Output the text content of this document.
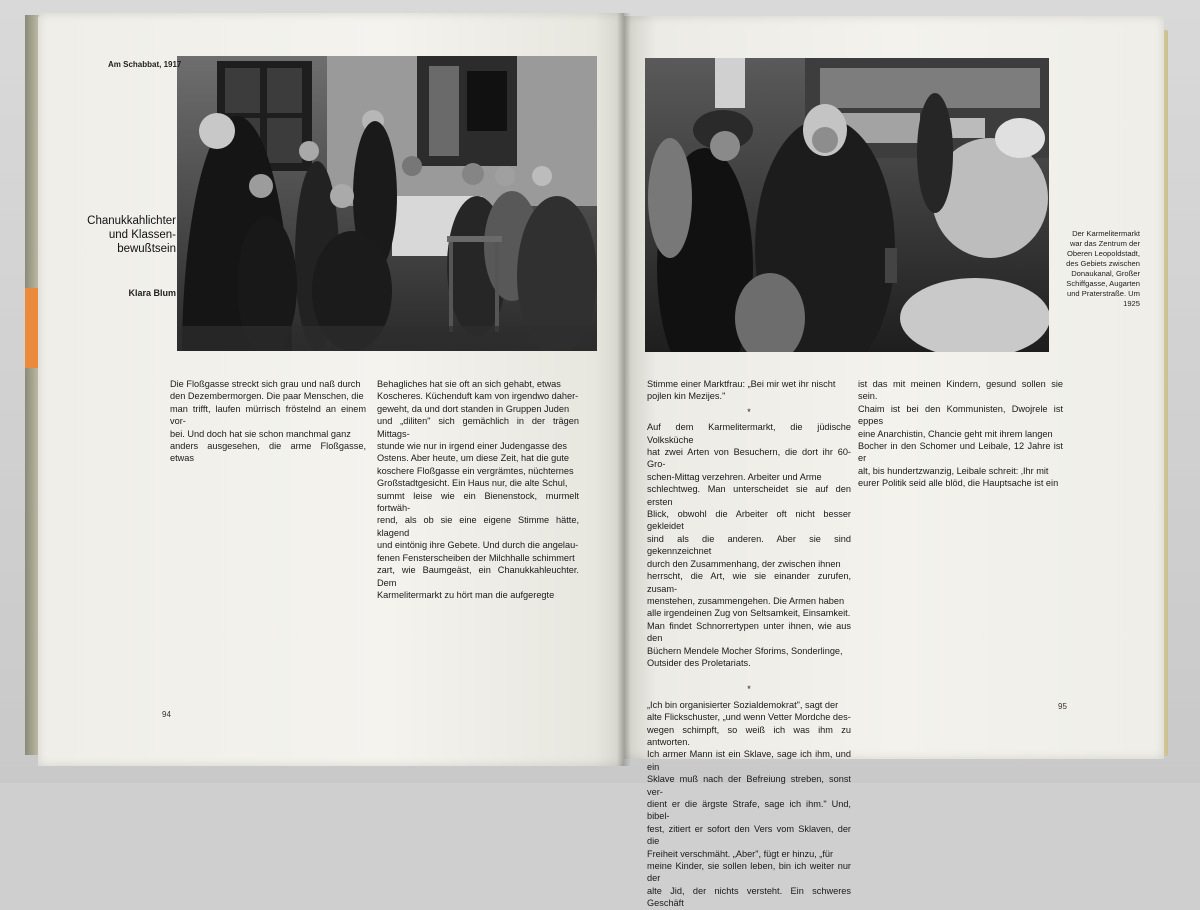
Am Schabbat, 1917
Chanukkahlichter
und Klassen-
bewußtsein
Klara Blum

Die Floßgasse streckt sich grau und naß durch

den Dezembermorgen. Die paar Menschen, die

man trifft, laufen mürrisch fröstelnd an einem vor-

bei. Und doch hat sie schon manchmal ganz

anders ausgesehen, die arme Floßgasse, etwas

Behagliches hat sie oft an sich gehabt, etwas

Koscheres. Küchenduft kam von irgendwo daher-

geweht, da und dort standen in Gruppen Juden

und „diliten" sich gemächlich in der trägen Mittags-

stunde wie nur in irgend einer Judengasse des

Ostens. Aber heute, um diese Zeit, hat die gute

koschere Floßgasse ein vergrämtes, nüchternes

Großstadtgesicht. Ein Haus nur, die alte Schul,

summt leise wie ein Bienenstock, murmelt fortwäh-

rend, als ob sie eine eigene Stimme hätte, klagend

und eintönig ihre Gebete. Und durch die angelau-

fenen Fensterscheiben der Milchhalle schimmert

zart, wie Baumgeäst, ein Chanukkahleuchter. Dem

Karmelitermarkt zu hört man die aufgeregte

94
Der Karmelitermarkt
war das Zentrum der
Oberen Leopoldstadt,
des Gebiets zwischen
Donaukanal, Großer
Schiffgasse, Augarten
und Praterstraße. Um
1925

Stimme einer Marktfrau: „Bei mir wet ihr nischt

pojlen kin Mezijes."

*

Auf dem Karmelitermarkt, die jüdische Volksküche

hat zwei Arten von Besuchern, die dort ihr 60-Gro-

schen-Mittag verzehren. Arbeiter und Arme

schlechtweg. Man unterscheidet sie auf den ersten

Blick, obwohl die Arbeiter oft nicht besser gekleidet

sind als die anderen. Aber sie sind gekennzeichnet

durch den Zusammenhang, der zwischen ihnen

herrscht, die Art, wie sie einander zurufen, zusam-

menstehen, zusammengehen. Die Armen haben

alle irgendeinen Zug von Seltsamkeit, Einsamkeit.

Man findet Schnorrertypen unter ihnen, wie aus den

Büchern Mendele Mocher Sforims, Sonderlinge,

Outsider des Proletariats.

*

„Ich bin organisierter Sozialdemokrat", sagt der

alte Flickschuster, „und wenn Vetter Mordche des-

wegen schimpft, so weiß ich was ihm zu antworten.

Ich armer Mann ist ein Sklave, sage ich ihm, und ein

Sklave muß nach der Befreiung streben, sonst ver-

dient er die ärgste Strafe, sage ich ihm." Und, bibel-

fest, zitiert er sofort den Vers vom Sklaven, der die

Freiheit verschmäht. „Aber", fügt er hinzu, „für

meine Kinder, sie sollen leben, bin ich weiter nur der

alte Jid, der nichts versteht. Ein schweres Geschäft

ist das mit meinen Kindern, gesund sollen sie sein.

Chaim ist bei den Kommunisten, Dwojrele ist eppes

eine Anarchistin, Chancie geht mit ihrem langen

Bocher in den Schomer und Leibale, 12 Jahre ist er

alt, bis hundertzwanzig, Leibale schreit: ‚Ihr mit

eurer Politik seid alle blöd, die Hauptsache ist ein

95
